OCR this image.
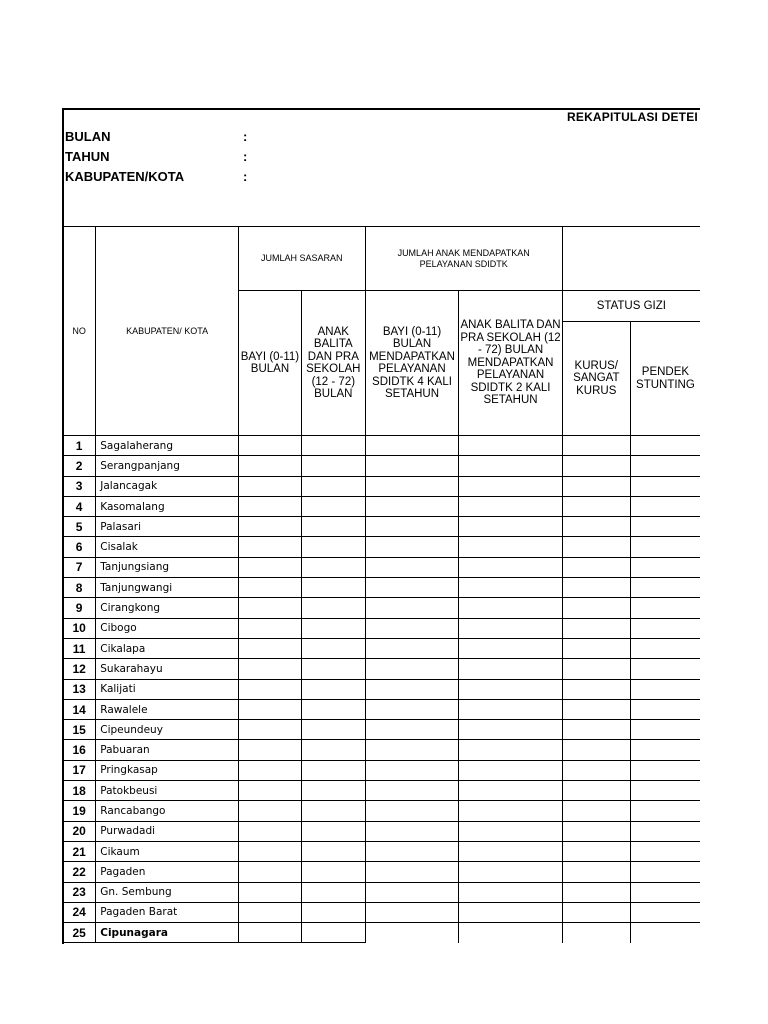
REKAPITULASI DETEI
BULAN	:
TAHUN	:
KABUPATEN/KOTA	:
NO	KABUPATEN/ KOTA	JUMLAH SASARAN		JUMLAH ANAK MENDAPATKAN PELAYANAN SDIDTK			
		BAYI (0-11) BULAN	ANAK BALITA DAN PRA SEKOLAH (12 - 72) BULAN	BAYI (0-11) BULAN MENDAPATKAN PELAYANAN SDIDTK 4 KALI SETAHUN	ANAK BALITA DAN PRA SEKOLAH (12 - 72) BULAN MENDAPATKAN PELAYANAN SDIDTK 2 KALI SETAHUN	STATUS GIZI	
						KURUS/ SANGAT KURUS	PENDEK STUNTING
1	Sagalaherang						
2	Serangpanjang						
3	Jalancagak						
4	Kasomalang						
5	Palasari						
6	Cisalak						
7	Tanjungsiang						
8	Tanjungwangi						
9	Cirangkong						
10	Cibogo						
11	Cikalapa						
12	Sukarahayu						
13	Kalijati						
14	Rawalele						
15	Cipeundeuy						
16	Pabuaran						
17	Pringkasap						
18	Patokbeusi						
19	Rancabango						
20	Purwadadi						
21	Cikaum						
22	Pagaden						
23	Gn. Sembung						
24	Pagaden Barat						
25	Cipunagara						
